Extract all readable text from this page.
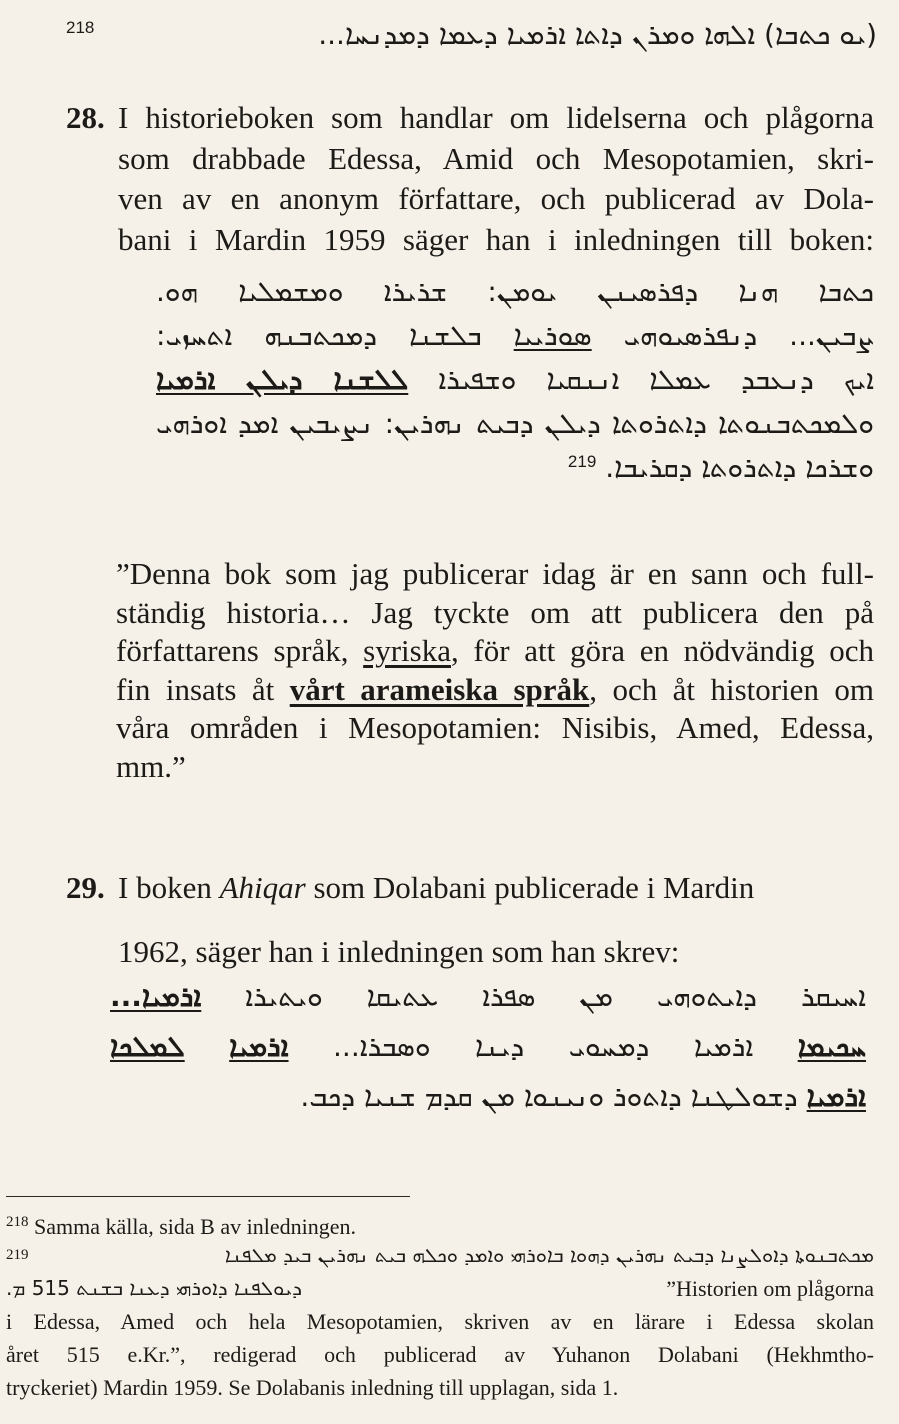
218	(ܝܘ ܟܬܒܐ) ܐܠܗܐ ܘܡܪܢ ܕܐܬܐ ܐܪܡܝܐ ܕܥܡܐ ܕܡܕܢܚܐ...
28. I historieboken som handlar om lidelserna och plågorna
som drabbade Edessa, Amid och Mesopotamien, skri-
ven av en anonym författare, och publicerad av Dola-
bani i Mardin 1959 säger han i inledningen till boken:
ܟܬܒܐ ܗܢܐ ܕܦܪܣܝܢܢ ܝܘܡܢ: ܫܪܝܪܐ ܘܡܫܡܠܝܐ ܗܘ.
ܨܒܝܢ... ܕܢܦܪܣܝܘܗܝ ܣܘܪܝܝܐ ܒܠܫܢܐ ܕܡܟܬܒܢܗ ܐܬܚܙܝ:
ܐܝܟ ܕܢܥܒܕ ܥܡܠܐ ܐܢܢܩܝܐ ܘܫܦܝܪܐ ܠܠܫܢܐ ܕܝܠܢ ܐܪܡܝܐ
ܘܠܡܟܬܒܢܘܬܐ ܕܐܬܪܘܬܐ ܕܝܠܢ ܕܒܝܬ ܢܗܪܝܢ: ܢܨܝܒܝܢ ܐܡܕ ܐܘܪܗܝ
ܘܫܪܟܐ ܕܐܬܪܘܬܐ ܕܩܪܝܒܐ. $^{219}$
”Denna bok som jag publicerar idag är en sann och full-
ständig historia… Jag tyckte om att publicera den på
författarens språk, syriska, för att göra en nödvändig och
fin insats åt vårt arameiska språk, och åt historien om
våra områden i Mesopotamien: Nisibis, Amed, Edessa,
mm.”
29. I boken Ahiqar som Dolabani publicerade i Mardin
1962, säger han i inledningen som han skrev:
ܐܚܝܩܪ ܕܐܝܬܘܗܝ ܡܢ ܣܦܪܐ ܥܬܝܩܐ ܘܝܬܝܪܐ ܐܪܡܝܐ...
ܚܟܝܡܐ ܐܪܡܝܐ ܕܡܚܘܝ ܕܝܢܐ ܘܣܒܪܐ... ܐܪܡܝܐ ܠܡܠܟܐ
ܐܪܡܝܐ ܕܫܘܠܛܢܐ ܕܐܬܘܪ ܘܢܝܢܘܐ ܡܢ ܩܕܡ ܫܢܝܐ ܕܟܒ.
$^{218}$ Samma källa, sida B av inledningen.
219	ܡܟܬܒܢܘܬܐ ܕܐܘܠܨܢܐ ܕܒܝܬ ܢܗܪܝܢ ܕܗܘܐ ܒܐܘܪܗܝ ܘܐܡܕ ܘܟܠܗ ܒܝܬ ܢܗܪܝܢ ܒܝܕ ܡܠܦܢܐ
ܕܝܘܠܦܢܐ ܕܐܘܪܗܝ ܕܥܢܐ ܒܫܢܬ 515 ܡ.	”Historien om plågorna
i Edessa, Amed och hela Mesopotamien, skriven av en lärare i Edessa skolan
året 515 e.Kr.”, redigerad och publicerad av Yuhanon Dolabani (Hekhmtho-
tryckeriet) Mardin 1959. Se Dolabanis inledning till upplagan, sida 1.
